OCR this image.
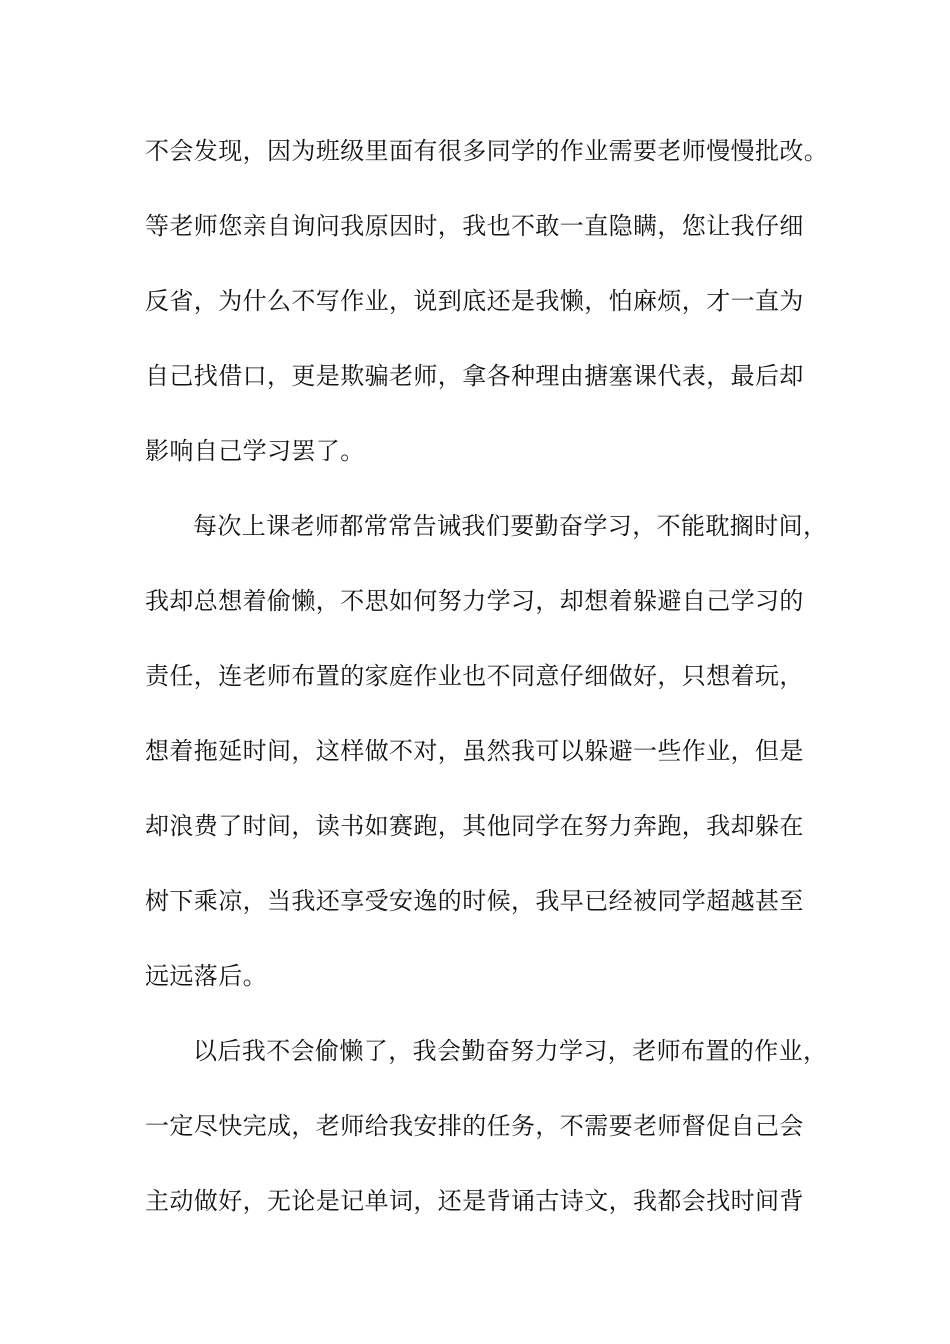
不会发现，因为班级里面有很多同学的作业需要老师慢慢批改。
等老师您亲自询问我原因时，我也不敢一直隐瞒，您让我仔细
反省，为什么不写作业，说到底还是我懒，怕麻烦，才一直为
自己找借口，更是欺骗老师，拿各种理由搪塞课代表，最后却
影响自己学习罢了。
每次上课老师都常常告诫我们要勤奋学习，不能耽搁时间，
我却总想着偷懒，不思如何努力学习，却想着躲避自己学习的
责任，连老师布置的家庭作业也不同意仔细做好，只想着玩，
想着拖延时间，这样做不对，虽然我可以躲避一些作业，但是
却浪费了时间，读书如赛跑，其他同学在努力奔跑，我却躲在
树下乘凉，当我还享受安逸的时候，我早已经被同学超越甚至
远远落后。
以后我不会偷懒了，我会勤奋努力学习，老师布置的作业，
一定尽快完成，老师给我安排的任务，不需要老师督促自己会
主动做好，无论是记单词，还是背诵古诗文，我都会找时间背
